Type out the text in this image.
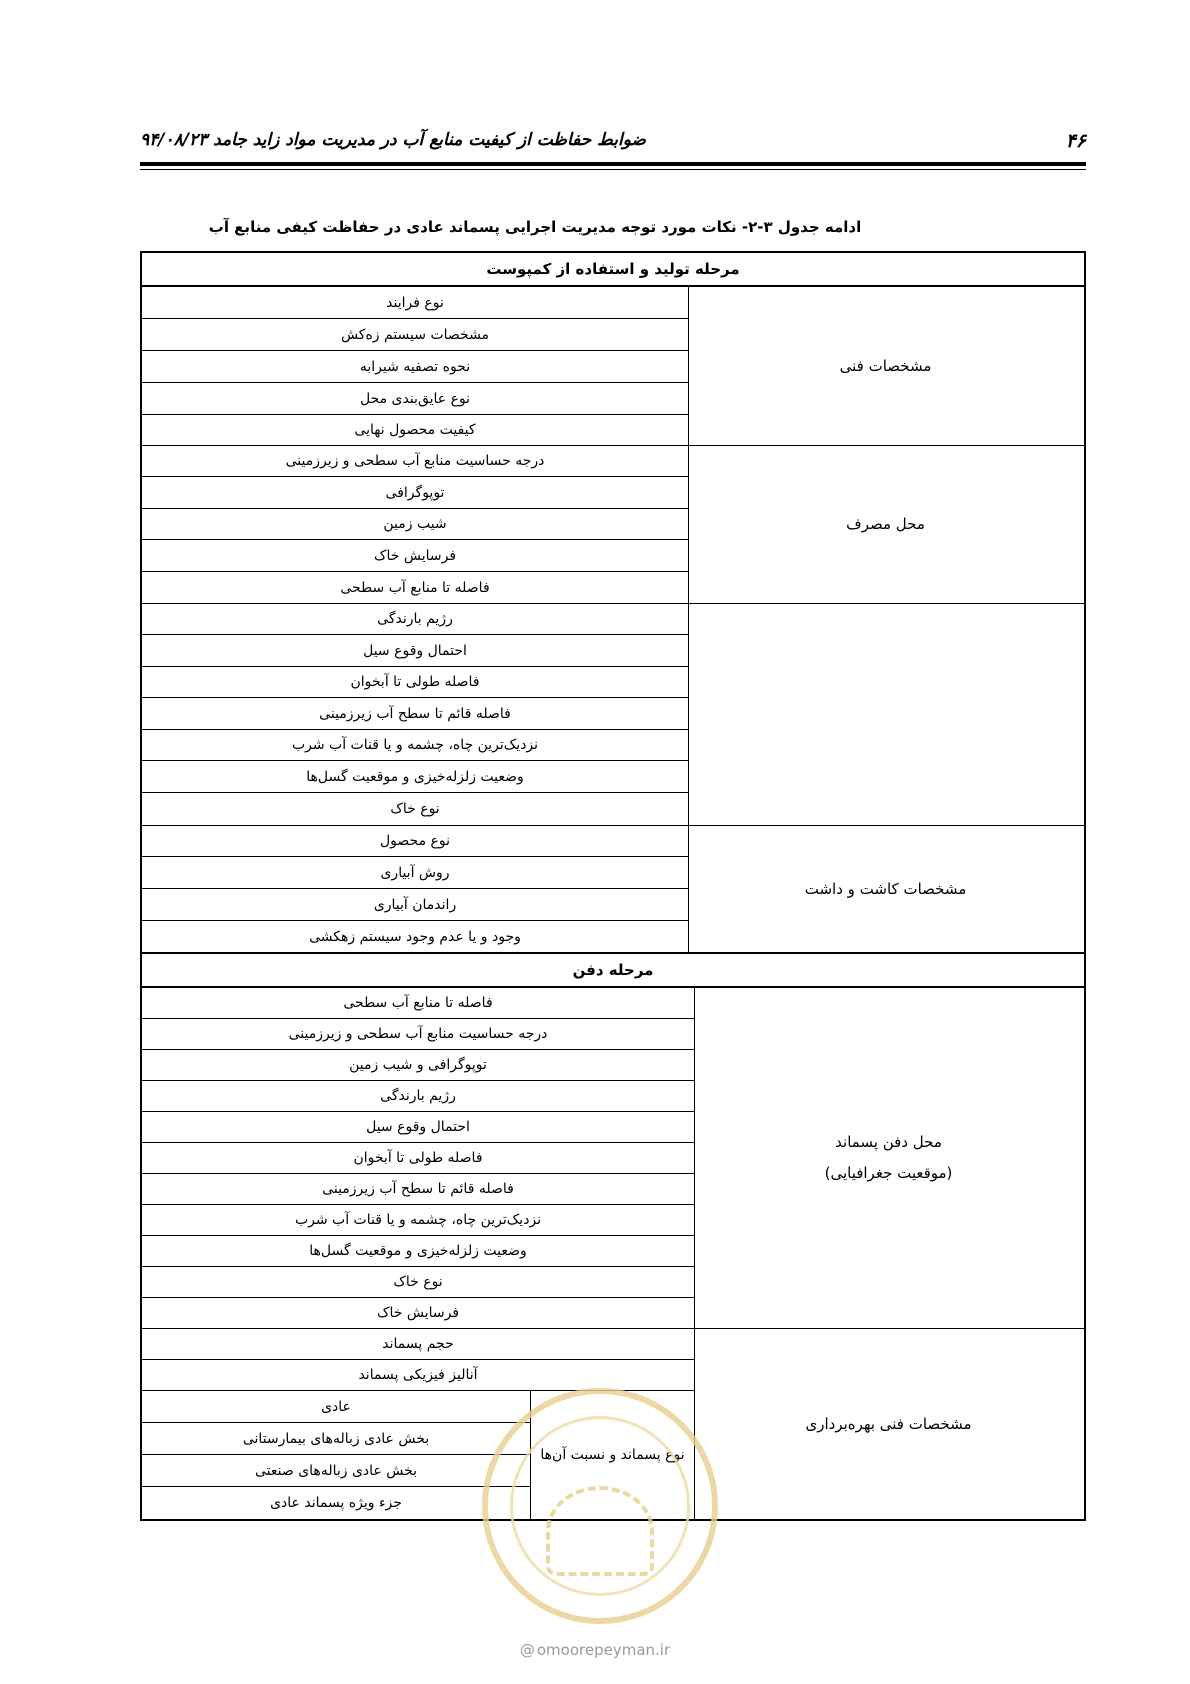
۴۶
ضوابط حفاظت از کیفیت منابع آب در مدیریت مواد زاید جامد ۹۴/۰۸/۲۳
ادامه جدول ۳-۲- نکات مورد توجه مدیریت اجرایی پسماند عادی در حفاظت کیفی منابع آب
مرحله تولید و استفاده از کمپوست
مشخصات فنی
نوع فرایند
مشخصات سیستم زه‌کش
نحوه تصفیه شیرابه
نوع عایق‌بندی محل
کیفیت محصول نهایی
محل مصرف
درجه حساسیت منابع آب سطحی و زیرزمینی
توپوگرافی
شیب زمین
فرسایش خاک
فاصله تا منابع آب سطحی
رژیم بارندگی
احتمال وقوع سیل
فاصله طولی تا آبخوان
فاصله قائم تا سطح آب زیرزمینی
نزدیک‌ترین چاه، چشمه و یا قنات آب شرب
وضعیت زلزله‌خیزی و موقعیت گسل‌ها
نوع خاک
مشخصات کاشت و داشت
نوع محصول
روش آبیاری
راندمان آبیاری
وجود و یا عدم وجود سیستم زهکشی
مرحله دفن
محل دفن پسماند
(موقعیت جغرافیایی)
فاصله تا منابع آب سطحی
درجه حساسیت منابع آب سطحی و زیرزمینی
توپوگرافی و شیب زمین
رژیم بارندگی
احتمال وقوع سیل
فاصله طولی تا آبخوان
فاصله قائم تا سطح آب زیرزمینی
نزدیک‌ترین چاه، چشمه و یا قنات آب شرب
وضعیت زلزله‌خیزی و موقعیت گسل‌ها
نوع خاک
فرسایش خاک
مشخصات فنی بهره‌برداری
حجم پسماند
آنالیز فیزیکی پسماند
نوع پسماند و نسبت آن‌ها
عادی
بخش عادی زباله‌های بیمارستانی
بخش عادی زباله‌های صنعتی
جزء ویژه پسماند عادی
@ omoorepeyman.ir
